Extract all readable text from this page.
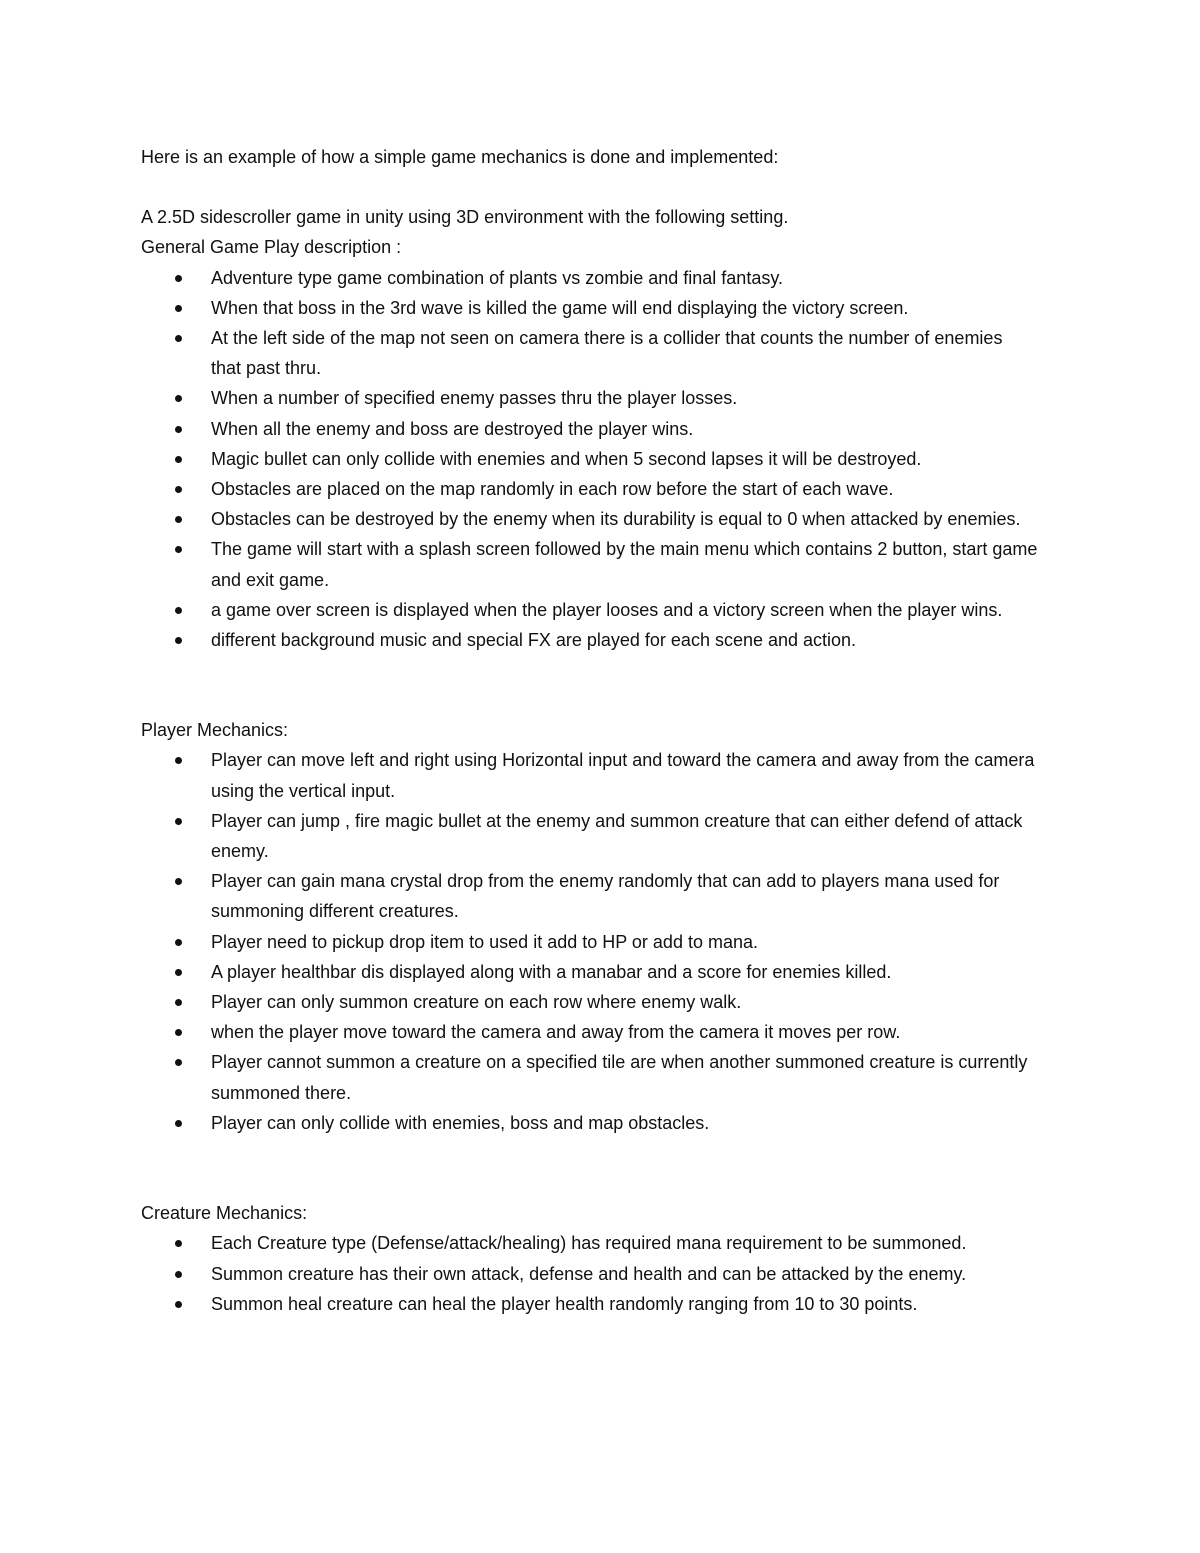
Here is an example of how a simple game mechanics is done and implemented:

A 2.5D sidescroller game in unity using 3D environment with the following setting.

General Game Play description :

Adventure type game combination of plants vs zombie and final fantasy.
When that boss in the 3rd wave is killed the game will end displaying the victory screen.
At the left side of the map not seen on camera there is a collider that counts the number of enemies that past thru.
When a number of specified enemy passes thru the player losses.
When all the enemy and boss are destroyed the player wins.
Magic bullet can only collide with enemies and when 5 second lapses it will be destroyed.
Obstacles are placed on the map randomly in each row before the start of each wave.
Obstacles can be destroyed by the enemy when its durability is equal to 0 when attacked by enemies.
The game will start with a splash screen followed by the main menu which contains 2 button, start game and exit game.
a game over screen is displayed when the player looses and a victory screen when the player wins.
different background music and special FX are played for each scene and action.

Player Mechanics:

Player can move left and right using Horizontal input and toward the camera and away from the camera using the vertical input.
Player can jump , fire magic bullet at the enemy and summon creature that can either defend of attack enemy.
Player can gain mana crystal drop from the enemy randomly that can add to players mana used for summoning different creatures.
Player need to pickup drop item to used it add to HP or add to mana.
A player healthbar dis displayed along with a manabar and a score for enemies killed.
Player can only summon creature on each row where enemy walk.
when the player move toward the camera and away from the camera it moves per row.
Player cannot summon a creature on a specified tile are when another summoned creature is currently summoned there.
Player can only collide with enemies, boss and map obstacles.

Creature Mechanics:

Each Creature type (Defense/attack/healing) has required mana requirement to be summoned.
Summon creature has their own attack, defense and health and can be attacked by the enemy.
Summon heal creature can heal the player health randomly ranging from 10 to 30 points.
